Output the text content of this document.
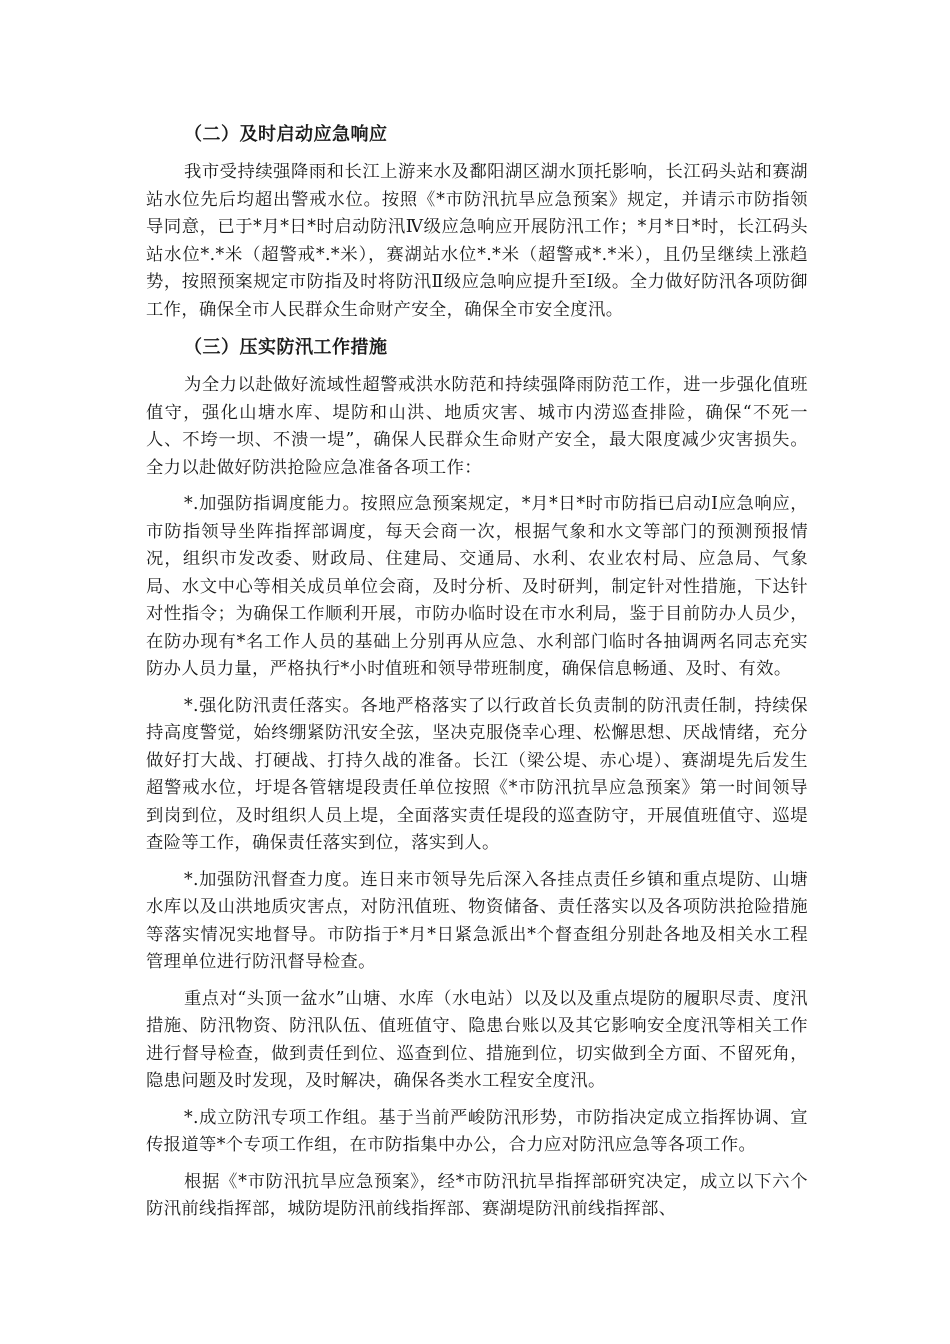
（二）及时启动应急响应

我市受持续强降雨和长江上游来水及鄱阳湖区湖水顶托影响，长江码头站和赛湖站水位先后均超出警戒水位。按照《*市防汛抗旱应急预案》规定，并请示市防指领导同意，已于*月*日*时启动防汛Ⅳ级应急响应开展防汛工作；*月*日*时，长江码头站水位*.*米（超警戒*.*米），赛湖站水位*.*米（超警戒*.*米），且仍呈继续上涨趋势，按照预案规定市防指及时将防汛Ⅱ级应急响应提升至Ⅰ级。全力做好防汛各项防御工作，确保全市人民群众生命财产安全，确保全市安全度汛。

（三）压实防汛工作措施

为全力以赴做好流域性超警戒洪水防范和持续强降雨防范工作，进一步强化值班值守，强化山塘水库、堤防和山洪、地质灾害、城市内涝巡查排险，确保“不死一人、不垮一坝、不溃一堤”，确保人民群众生命财产安全，最大限度减少灾害损失。全力以赴做好防洪抢险应急准备各项工作：

*.加强防指调度能力。按照应急预案规定，*月*日*时市防指已启动Ⅰ应急响应，市防指领导坐阵指挥部调度，每天会商一次，根据气象和水文等部门的预测预报情况，组织市发改委、财政局、住建局、交通局、水利、农业农村局、应急局、气象局、水文中心等相关成员单位会商，及时分析、及时研判，制定针对性措施，下达针对性指令；为确保工作顺利开展，市防办临时设在市水利局，鉴于目前防办人员少，在防办现有*名工作人员的基础上分别再从应急、水利部门临时各抽调两名同志充实防办人员力量，严格执行*小时值班和领导带班制度，确保信息畅通、及时、有效。

*.强化防汛责任落实。各地严格落实了以行政首长负责制的防汛责任制，持续保持高度警觉，始终绷紧防汛安全弦，坚决克服侥幸心理、松懈思想、厌战情绪，充分做好打大战、打硬战、打持久战的准备。长江（梁公堤、赤心堤）、赛湖堤先后发生超警戒水位，圩堤各管辖堤段责任单位按照《*市防汛抗旱应急预案》第一时间领导到岗到位，及时组织人员上堤，全面落实责任堤段的巡查防守，开展值班值守、巡堤查险等工作，确保责任落实到位，落实到人。

*.加强防汛督查力度。连日来市领导先后深入各挂点责任乡镇和重点堤防、山塘水库以及山洪地质灾害点，对防汛值班、物资储备、责任落实以及各项防洪抢险措施等落实情况实地督导。市防指于*月*日紧急派出*个督查组分别赴各地及相关水工程管理单位进行防汛督导检查。

重点对“头顶一盆水”山塘、水库（水电站）以及以及重点堤防的履职尽责、度汛措施、防汛物资、防汛队伍、值班值守、隐患台账以及其它影响安全度汛等相关工作进行督导检查，做到责任到位、巡查到位、措施到位，切实做到全方面、不留死角，隐患问题及时发现，及时解决，确保各类水工程安全度汛。

*.成立防汛专项工作组。基于当前严峻防汛形势，市防指决定成立指挥协调、宣传报道等*个专项工作组，在市防指集中办公，合力应对防汛应急等各项工作。

根据《*市防汛抗旱应急预案》，经*市防汛抗旱指挥部研究决定，成立以下六个防汛前线指挥部，城防堤防汛前线指挥部、赛湖堤防汛前线指挥部、
